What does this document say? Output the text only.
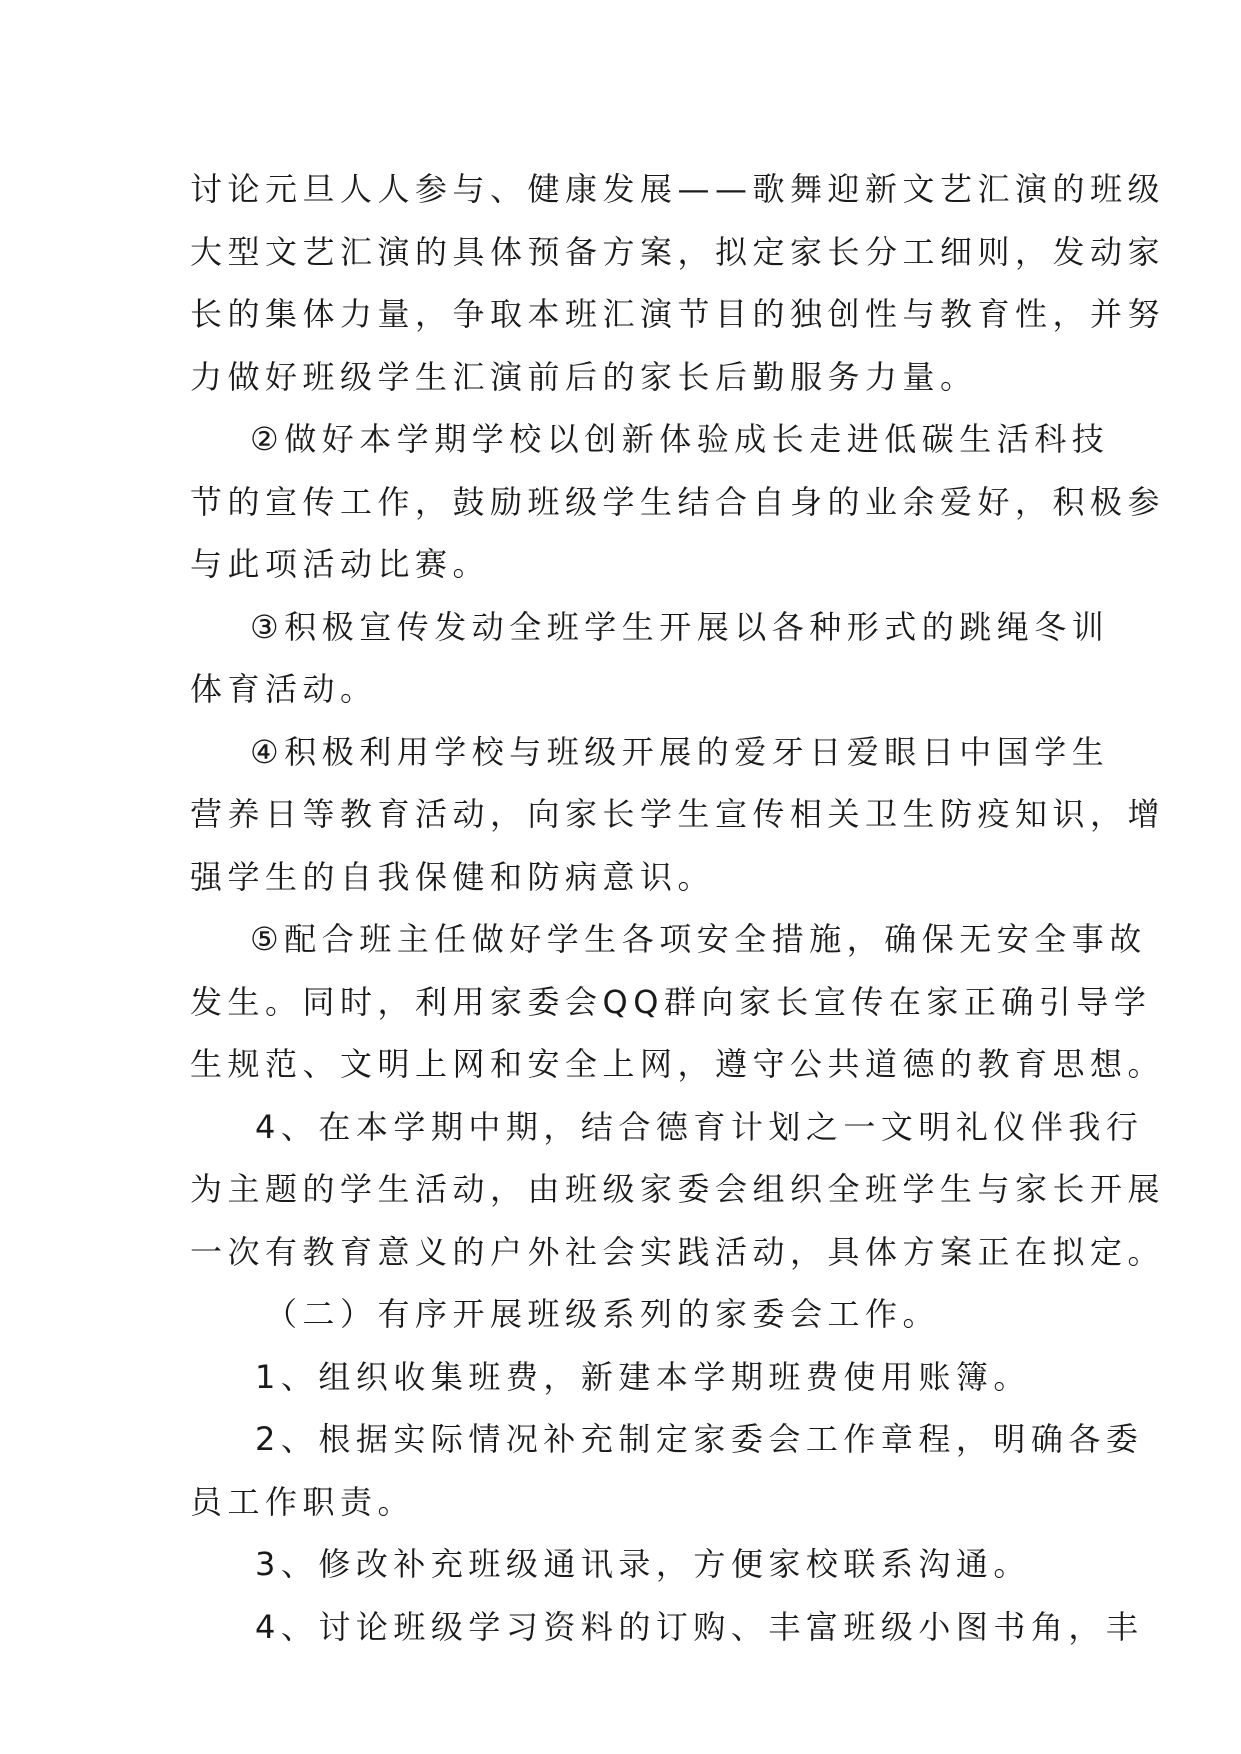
讨论元旦人人参与、健康发展——歌舞迎新文艺汇演的班级
大型文艺汇演的具体预备方案，拟定家长分工细则，发动家
长的集体力量，争取本班汇演节目的独创性与教育性，并努
力做好班级学生汇演前后的家长后勤服务力量。
②做好本学期学校以创新体验成长走进低碳生活科技
节的宣传工作，鼓励班级学生结合自身的业余爱好，积极参
与此项活动比赛。
③积极宣传发动全班学生开展以各种形式的跳绳冬训
体育活动。
④积极利用学校与班级开展的爱牙日爱眼日中国学生
营养日等教育活动，向家长学生宣传相关卫生防疫知识，增
强学生的自我保健和防病意识。
⑤配合班主任做好学生各项安全措施，确保无安全事故
发生。同时，利用家委会QQ群向家长宣传在家正确引导学
生规范、文明上网和安全上网，遵守公共道德的教育思想。
4、在本学期中期，结合德育计划之一文明礼仪伴我行
为主题的学生活动，由班级家委会组织全班学生与家长开展
一次有教育意义的户外社会实践活动，具体方案正在拟定。
（二）有序开展班级系列的家委会工作。
1、组织收集班费，新建本学期班费使用账簿。
2、根据实际情况补充制定家委会工作章程，明确各委
员工作职责。
3、修改补充班级通讯录，方便家校联系沟通。
4、讨论班级学习资料的订购、丰富班级小图书角，丰
